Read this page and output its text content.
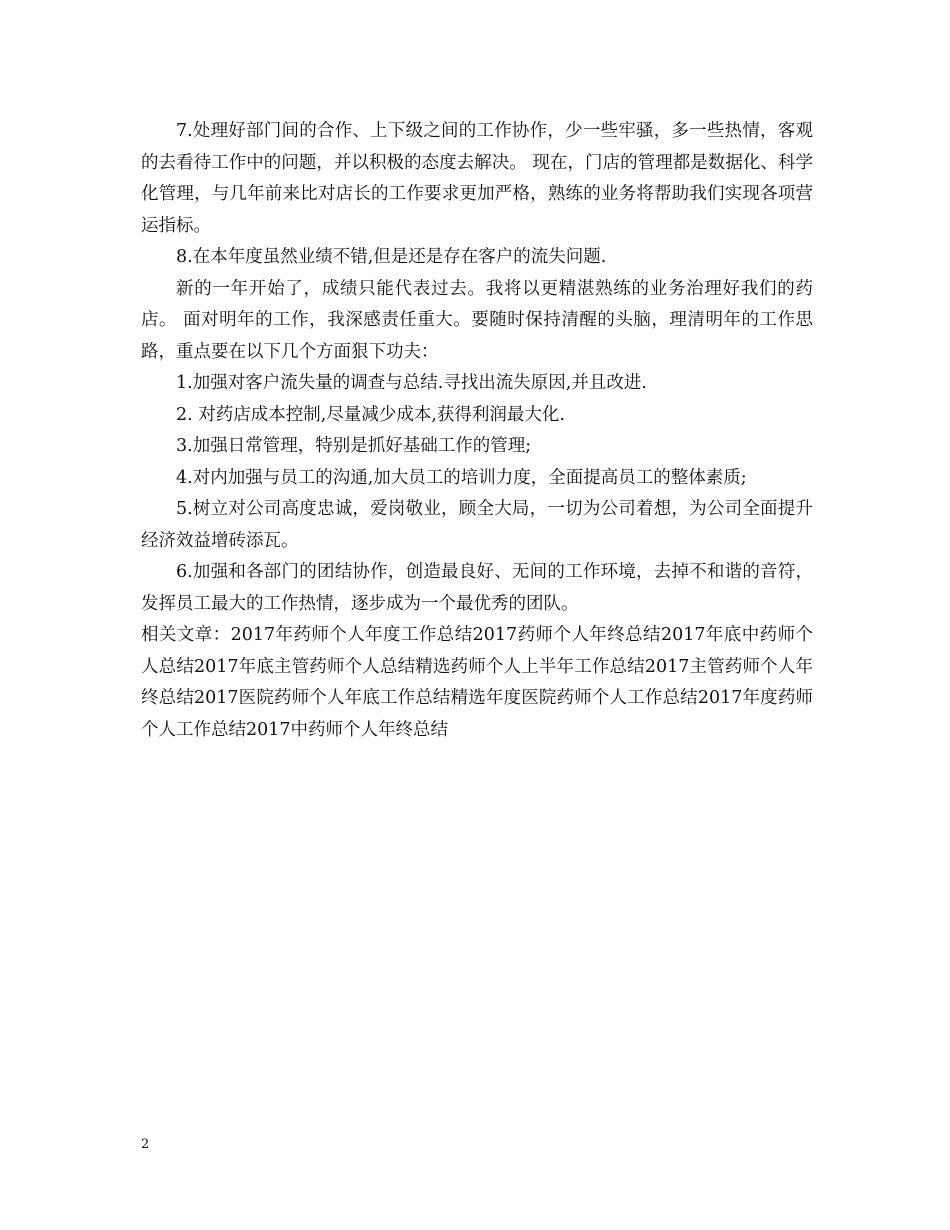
7.处理好部门间的合作、上下级之间的工作协作，少一些牢骚，多一些热情，客观的去看待工作中的问题，并以积极的态度去解决。 现在，门店的管理都是数据化、科学化管理，与几年前来比对店长的工作要求更加严格，熟练的业务将帮助我们实现各项营运指标。

8.在本年度虽然业绩不错,但是还是存在客户的流失问题.

新的一年开始了，成绩只能代表过去。我将以更精湛熟练的业务治理好我们的药店。 面对明年的工作，我深感责任重大。要随时保持清醒的头脑，理清明年的工作思路，重点要在以下几个方面狠下功夫：

1.加强对客户流失量的调查与总结.寻找出流失原因,并且改进.

2. 对药店成本控制,尽量减少成本,获得利润最大化.

3.加强日常管理，特别是抓好基础工作的管理;

4.对内加强与员工的沟通,加大员工的培训力度，全面提高员工的整体素质;

5.树立对公司高度忠诚，爱岗敬业，顾全大局，一切为公司着想，为公司全面提升经济效益增砖添瓦。

6.加强和各部门的团结协作，创造最良好、无间的工作环境，去掉不和谐的音符，发挥员工最大的工作热情，逐步成为一个最优秀的团队。

相关文章：2017年药师个人年度工作总结2017药师个人年终总结2017年底中药师个人总结2017年底主管药师个人总结精选药师个人上半年工作总结2017主管药师个人年终总结2017医院药师个人年底工作总结精选年度医院药师个人工作总结2017年度药师个人工作总结2017中药师个人年终总结

2
